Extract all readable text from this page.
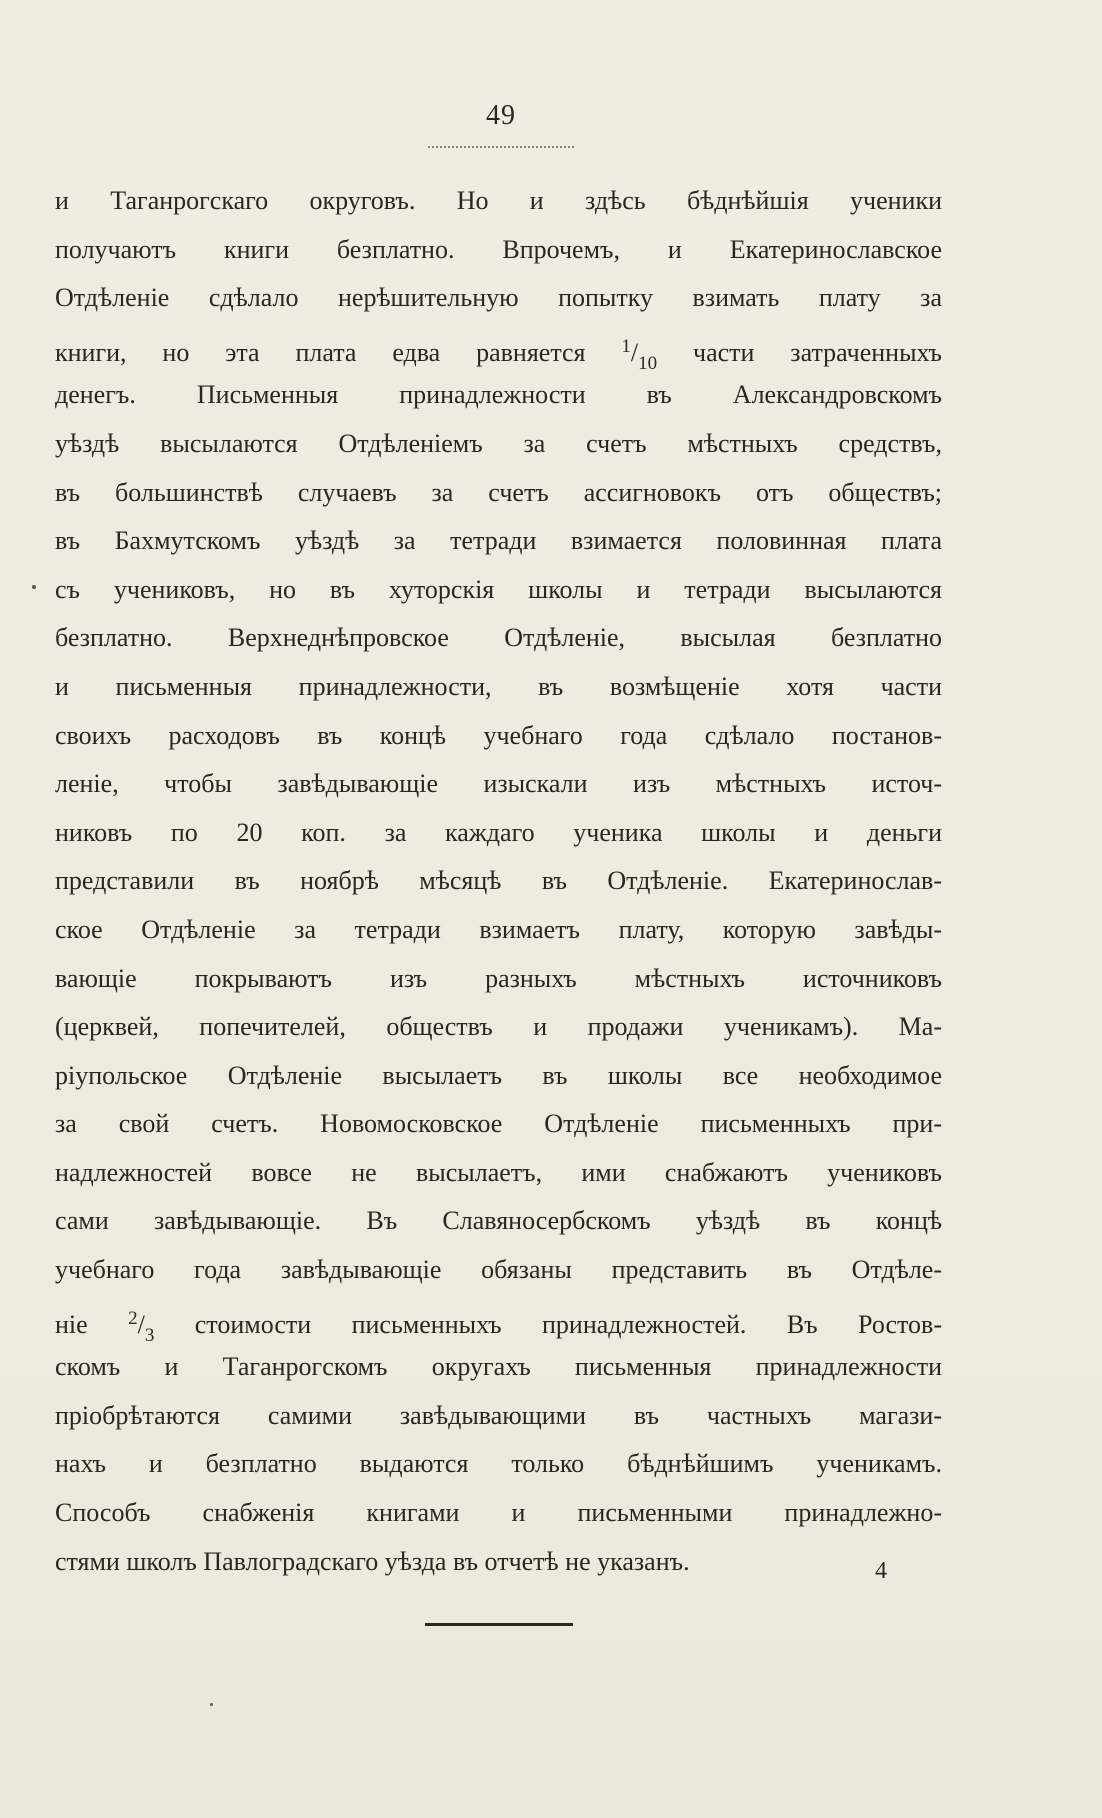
49
и Таганрогскаго округовъ. Но и здѣсь бѣднѣйшія ученики
получаютъ книги безплатно. Впрочемъ, и Екатеринославское
Отдѣленіе сдѣлало нерѣшительную попытку взимать плату за
книги, но эта плата едва равняется $^1/_{10}$ части затраченныхъ
денегъ. Письменныя принадлежности въ Александровскомъ
уѣздѣ высылаются Отдѣленіемъ за счетъ мѣстныхъ средствъ,
въ большинствѣ случаевъ за счетъ ассигновокъ отъ обществъ;
въ Бахмутскомъ уѣздѣ за тетради взимается половинная плата
съ учениковъ, но въ хуторскія школы и тетради высылаются
безплатно. Верхнеднѣпровское Отдѣленіе, высылая безплатно
и письменныя принадлежности, въ возмѣщеніе хотя части
своихъ расходовъ въ концѣ учебнаго года сдѣлало постанов-
леніе, чтобы завѣдывающіе изыскали изъ мѣстныхъ источ-
никовъ по 20 коп. за каждаго ученика школы и деньги
представили въ ноябрѣ мѣсяцѣ въ Отдѣленіе. Екатеринослав-
ское Отдѣленіе за тетради взимаетъ плату, которую завѣды-
вающіе покрываютъ изъ разныхъ мѣстныхъ источниковъ
(церквей, попечителей, обществъ и продажи ученикамъ). Ма-
ріупольское Отдѣленіе высылаетъ въ школы все необходимое
за свой счетъ. Новомосковское Отдѣленіе письменныхъ при-
надлежностей вовсе не высылаетъ, ими снабжаютъ учениковъ
сами завѣдывающіе. Въ Славяносербскомъ уѣздѣ въ концѣ
учебнаго года завѣдывающіе обязаны представить въ Отдѣле-
ніе $^2/_3$ стоимости письменныхъ принадлежностей. Въ Ростов-
скомъ и Таганрогскомъ округахъ письменныя принадлежности
пріобрѣтаются самими завѣдывающими въ частныхъ магази-
нахъ и безплатно выдаются только бѣднѣйшимъ ученикамъ.
Способъ снабженія книгами и письменными принадлежно-
стями школъ Павлоградскаго уѣзда въ отчетѣ не указанъ.	4
